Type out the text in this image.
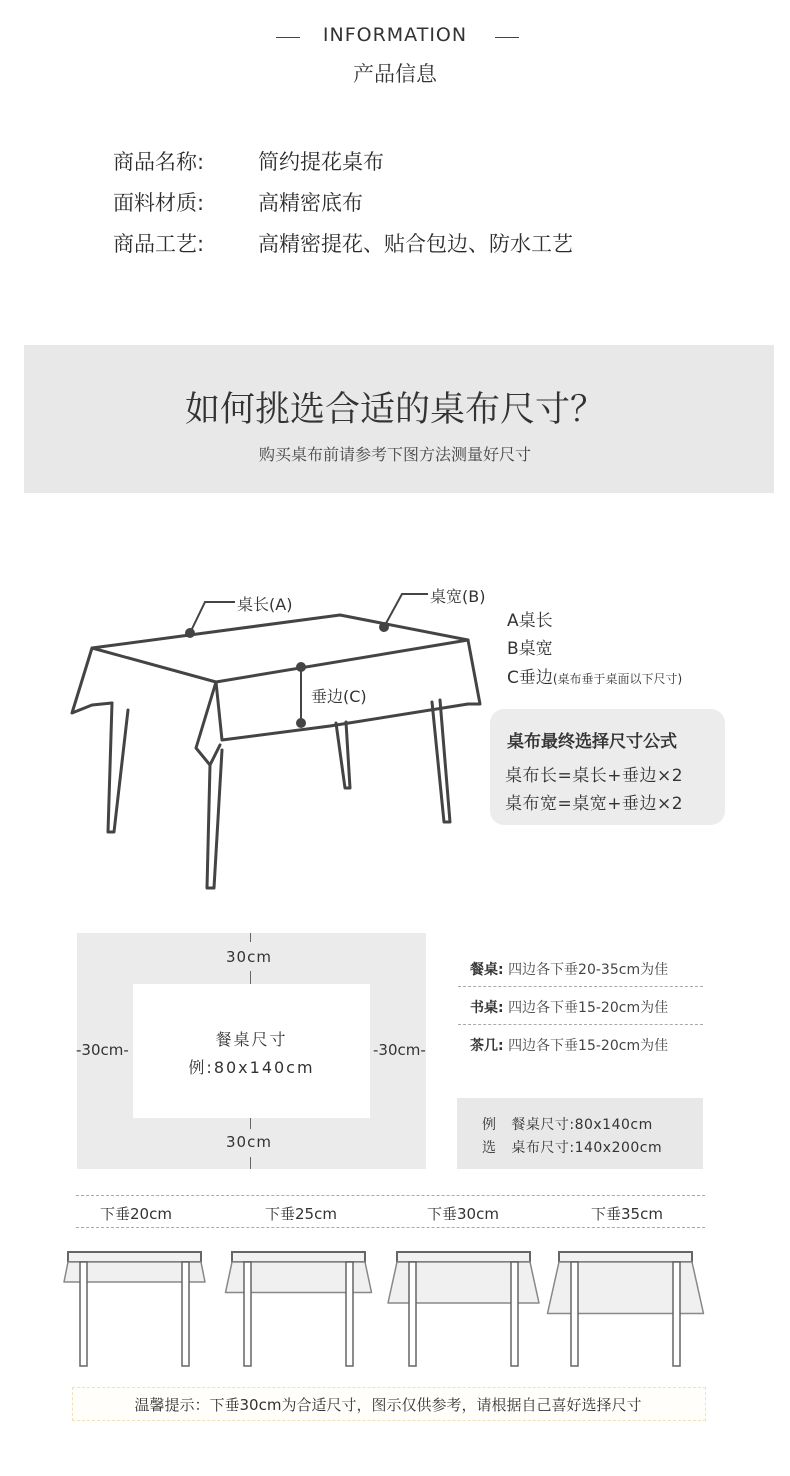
INFORMATION
产品信息
商品名称:	简约提花桌布
面料材质:	高精密底布
商品工艺:	高精密提花、贴合包边、防水工艺
如何挑选合适的桌布尺寸？
购买桌布前请参考下图方法测量好尺寸
桌长(A)	桌宽(B)
垂边(C)
A桌长
B桌宽
C垂边(桌布垂于桌面以下尺寸)
桌布最终选择尺寸公式
桌布长=桌长+垂边×2
桌布宽=桌宽+垂边×2
30cm
30cm
-30cm-	-30cm-
餐桌尺寸
例:80x140cm
餐桌: 四边各下垂20-35cm为佳
书桌: 四边各下垂15-20cm为佳
茶几: 四边各下垂15-20cm为佳
例 餐桌尺寸:80x140cm
选 桌布尺寸:140x200cm
下垂20cm	下垂25cm	下垂30cm	下垂35cm
温馨提示：下垂30cm为合适尺寸，图示仅供参考，请根据自己喜好选择尺寸
